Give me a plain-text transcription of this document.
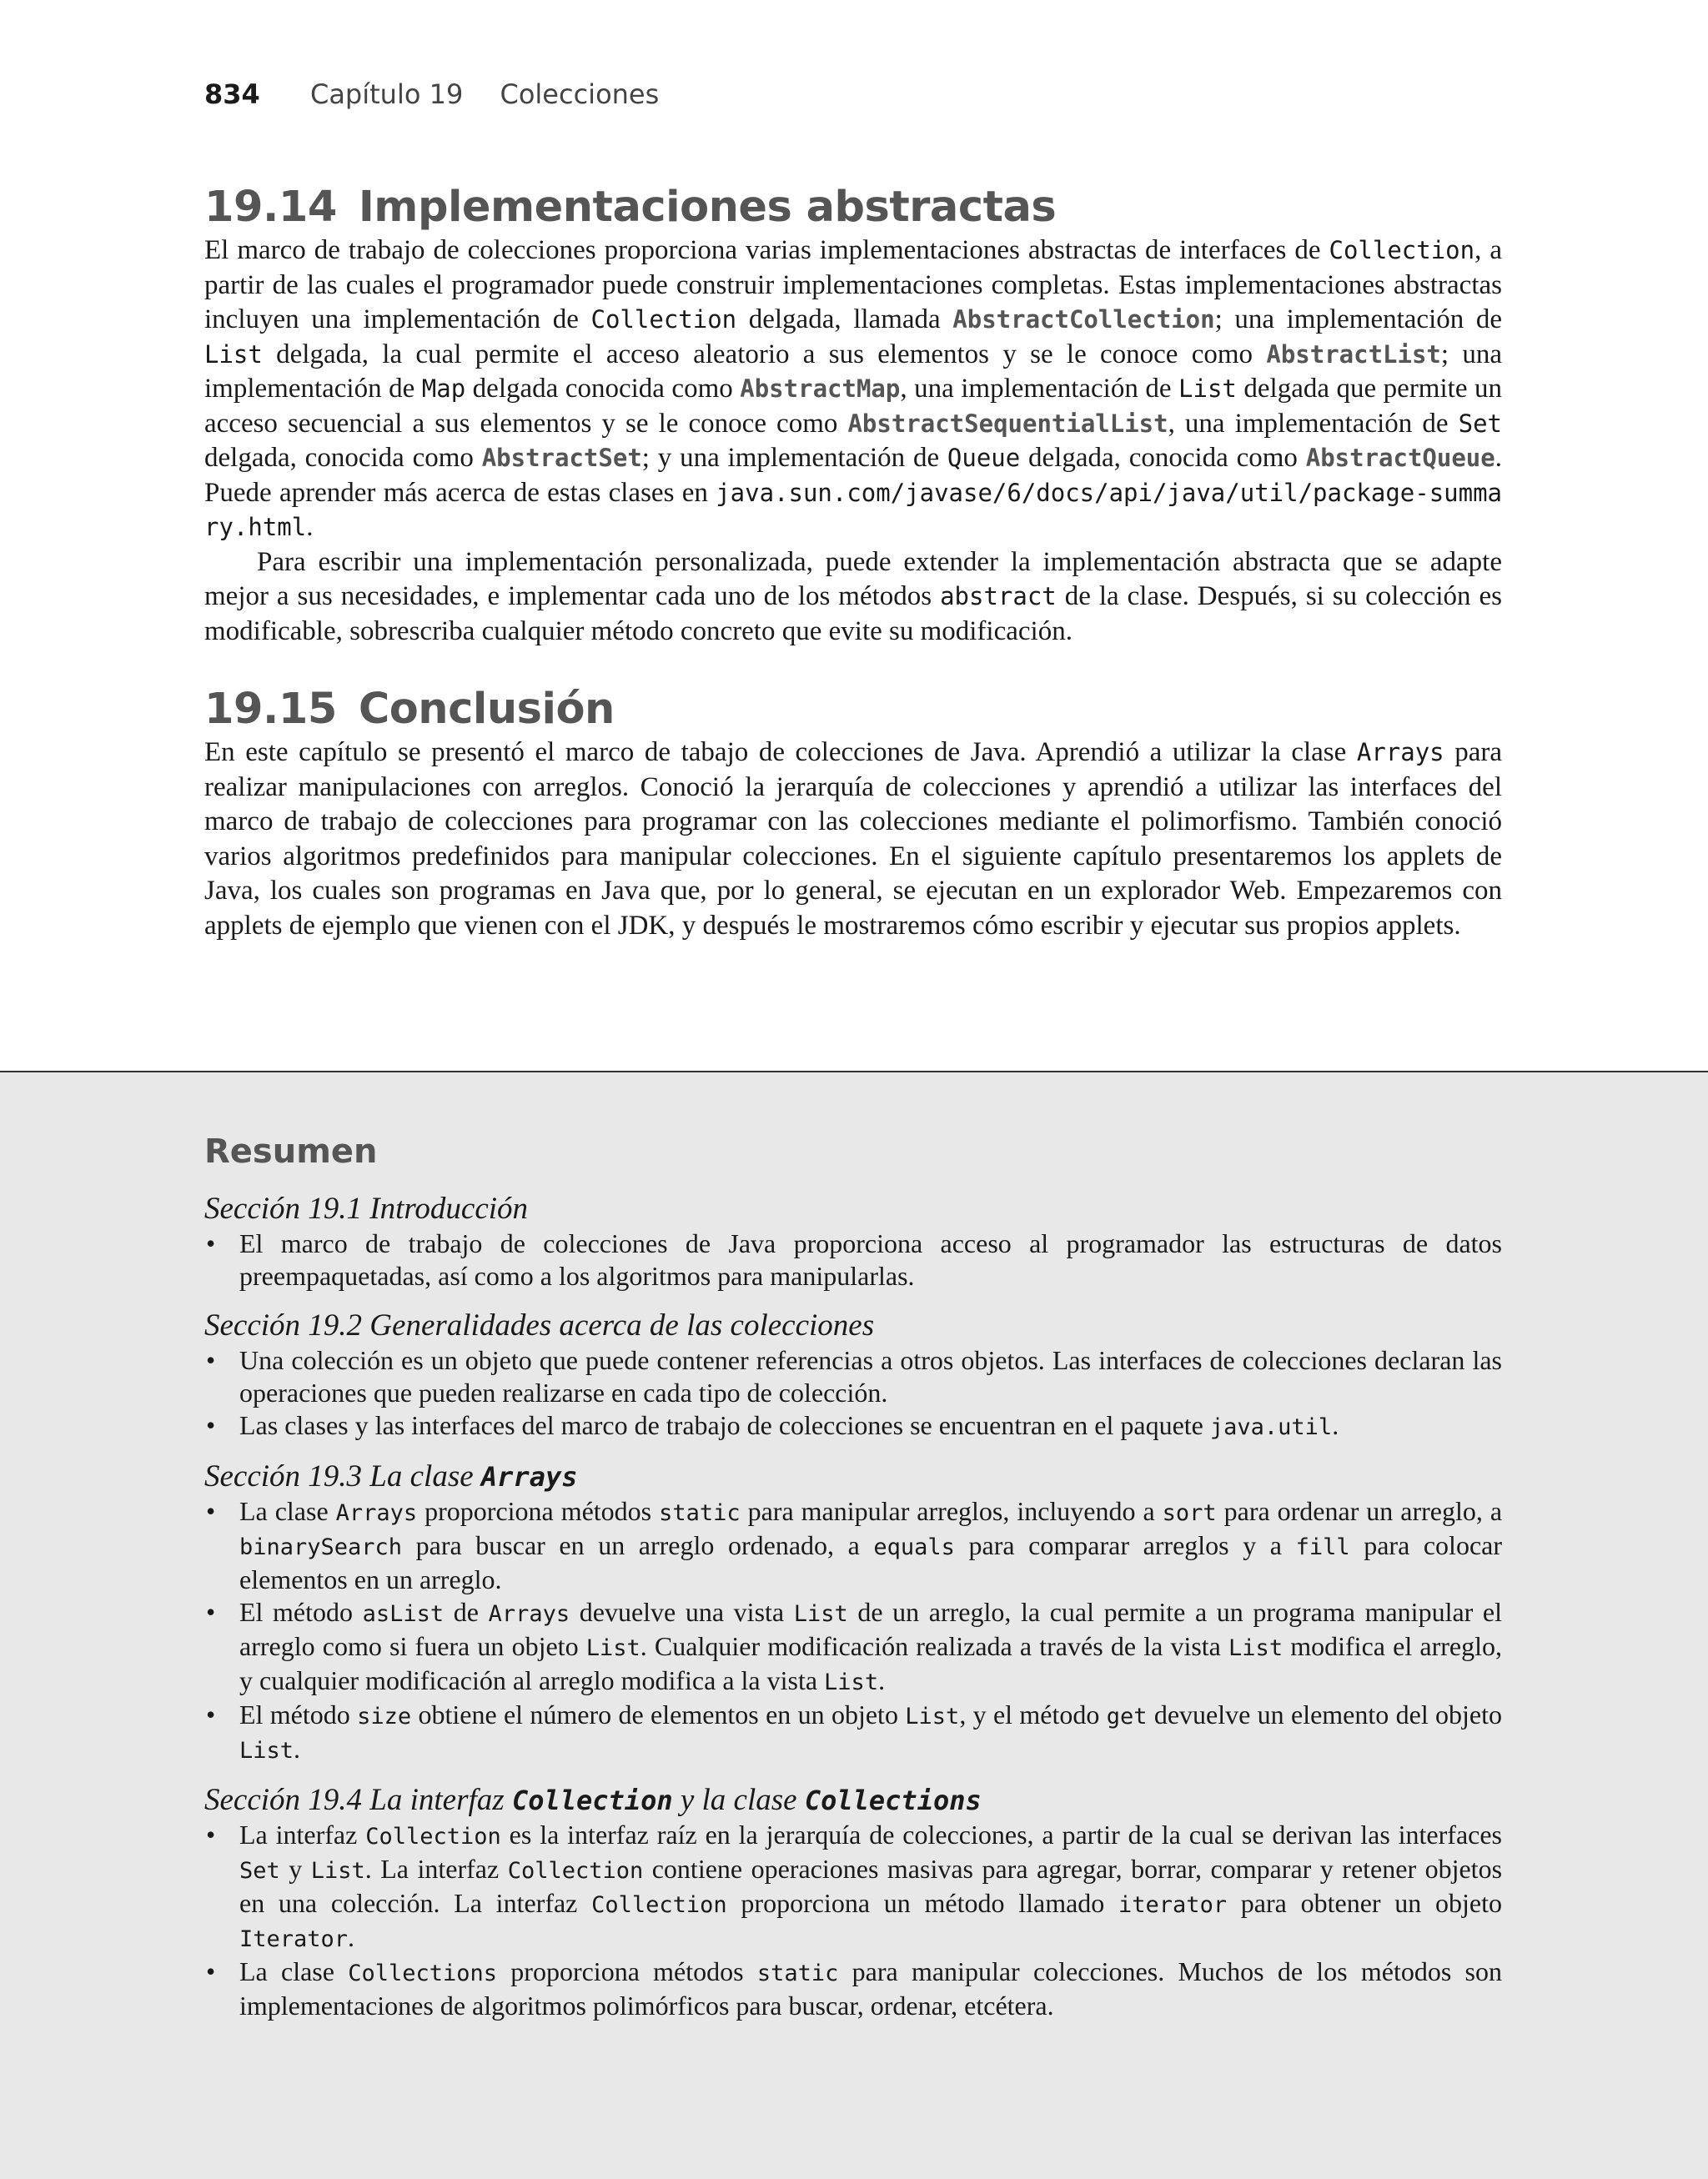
834 Capítulo 19 Colecciones
19.14 Implementaciones abstractas

El marco de trabajo de colecciones proporciona varias implementaciones abstractas de interfaces de Collection, a partir de las cuales el programador puede construir implementaciones completas. Estas implementaciones abstractas incluyen una implementación de Collection delgada, llamada AbstractCollection; una implementación de List delgada, la cual permite el acceso aleatorio a sus elementos y se le conoce como AbstractList; una implementación de Map delgada conocida como AbstractMap, una implementación de List delgada que permite un acceso secuencial a sus elementos y se le conoce como AbstractSequentialList, una implementación de Set delgada, conocida como AbstractSet; y una implementación de Queue delgada, conocida como AbstractQueue. Puede aprender más acerca de estas clases en java.sun.com/javase/6/docs/api/java/util/package-summary.html.

Para escribir una implementación personalizada, puede extender la implementación abstracta que se adapte mejor a sus necesidades, e implementar cada uno de los métodos abstract de la clase. Después, si su colección es modificable, sobrescriba cualquier método concreto que evite su modificación.

19.15 Conclusión

En este capítulo se presentó el marco de tabajo de colecciones de Java. Aprendió a utilizar la clase Arrays para realizar manipulaciones con arreglos. Conoció la jerarquía de colecciones y aprendió a utilizar las interfaces del marco de trabajo de colecciones para programar con las colecciones mediante el polimorfismo. También conoció varios algoritmos predefinidos para manipular colecciones. En el siguiente capítulo presentaremos los applets de Java, los cuales son programas en Java que, por lo general, se ejecutan en un explorador Web. Empezaremos con applets de ejemplo que vienen con el JDK, y después le mostraremos cómo escribir y ejecutar sus propios applets.

Resumen
Sección 19.1 Introducción
• El marco de trabajo de colecciones de Java proporciona acceso al programador las estructuras de datos preempaquetadas, así como a los algoritmos para manipularlas.
Sección 19.2 Generalidades acerca de las colecciones
• Una colección es un objeto que puede contener referencias a otros objetos. Las interfaces de colecciones declaran las operaciones que pueden realizarse en cada tipo de colección.
• Las clases y las interfaces del marco de trabajo de colecciones se encuentran en el paquete java.util.
Sección 19.3 La clase Arrays
• La clase Arrays proporciona métodos static para manipular arreglos, incluyendo a sort para ordenar un arreglo, a binarySearch para buscar en un arreglo ordenado, a equals para comparar arreglos y a fill para colocar elementos en un arreglo.
• El método asList de Arrays devuelve una vista List de un arreglo, la cual permite a un programa manipular el arreglo como si fuera un objeto List. Cualquier modificación realizada a través de la vista List modifica el arreglo, y cualquier modificación al arreglo modifica a la vista List.
• El método size obtiene el número de elementos en un objeto List, y el método get devuelve un elemento del objeto List.
Sección 19.4 La interfaz Collection y la clase Collections
• La interfaz Collection es la interfaz raíz en la jerarquía de colecciones, a partir de la cual se derivan las interfaces Set y List. La interfaz Collection contiene operaciones masivas para agregar, borrar, comparar y retener objetos en una colección. La interfaz Collection proporciona un método llamado iterator para obtener un objeto Iterator.
• La clase Collections proporciona métodos static para manipular colecciones. Muchos de los métodos son implementaciones de algoritmos polimórficos para buscar, ordenar, etcétera.
